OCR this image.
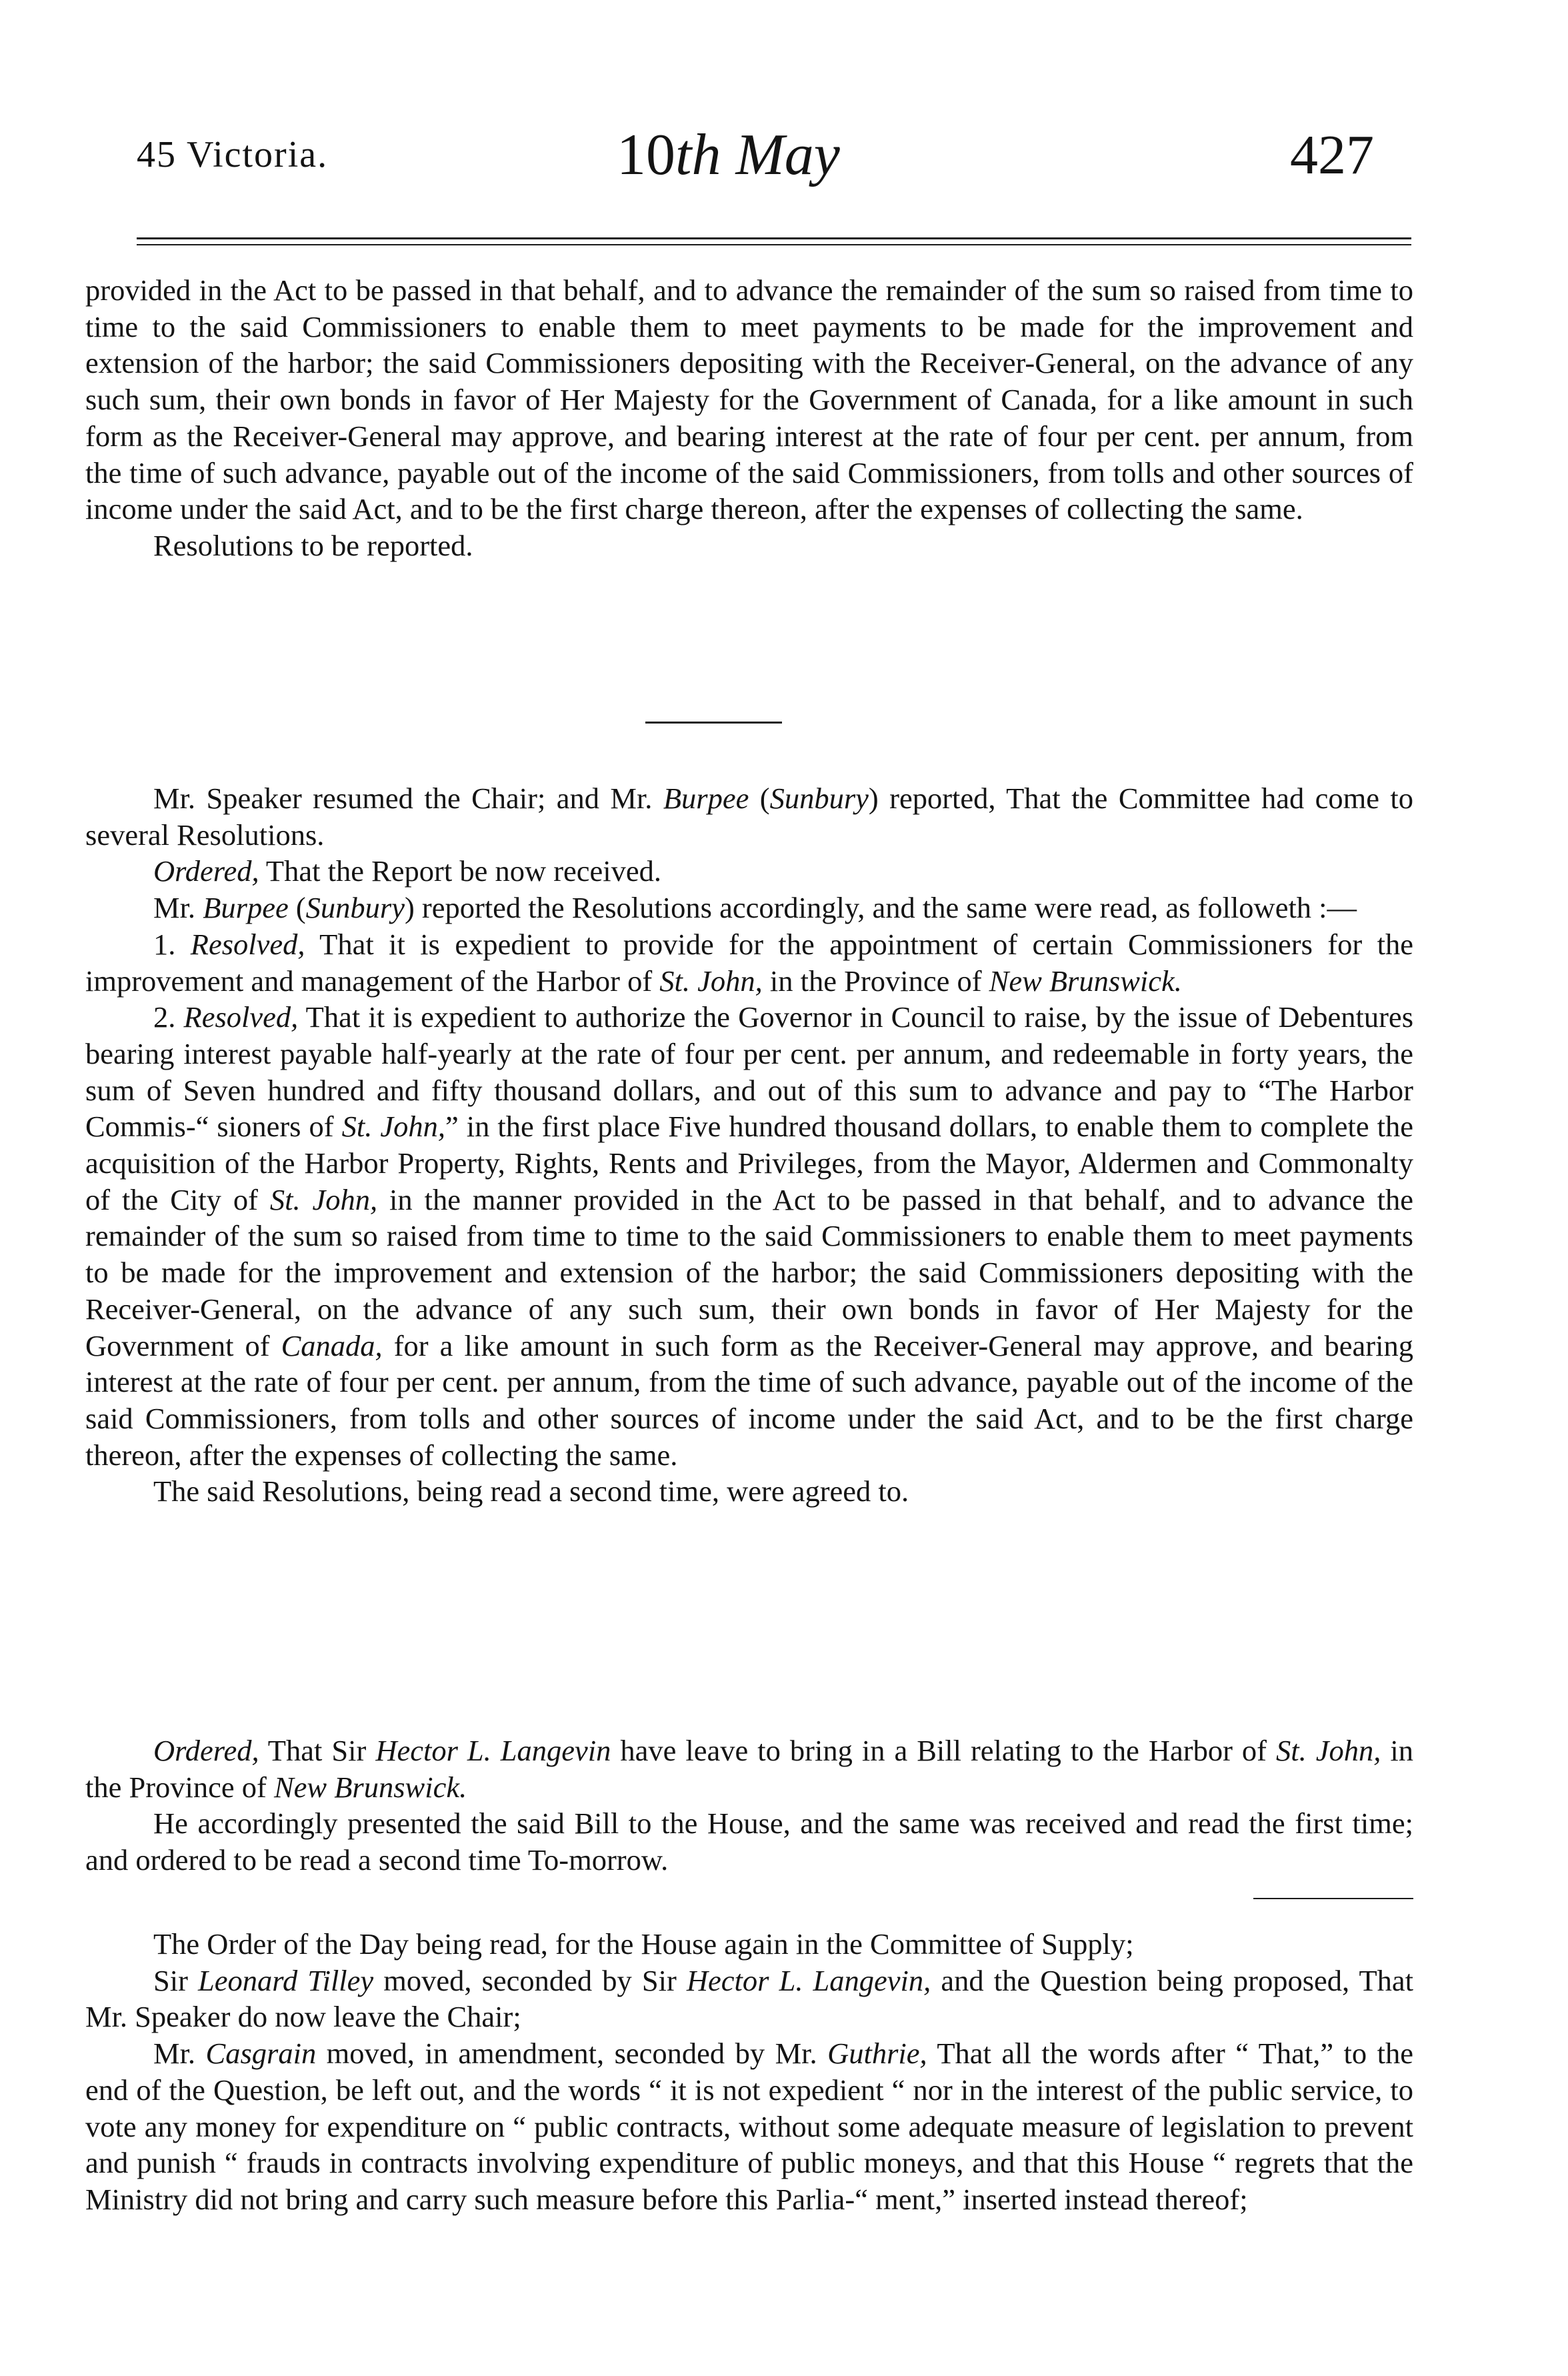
45 Victoria.	10th May	427

provided in the Act to be passed in that behalf, and to advance the remainder of the sum so raised from time to time to the said Commissioners to enable them to meet payments to be made for the improvement and extension of the harbor; the said Commissioners depositing with the Receiver-General, on the advance of any such sum, their own bonds in favor of Her Majesty for the Government of Canada, for a like amount in such form as the Receiver-General may approve, and bearing interest at the rate of four per cent. per annum, from the time of such advance, payable out of the income of the said Commissioners, from tolls and other sources of income under the said Act, and to be the first charge thereon, after the expenses of collecting the same.

Resolutions to be reported.

Mr. Speaker resumed the Chair; and Mr. Burpee (Sunbury) reported, That the Committee had come to several Resolutions.

Ordered, That the Report be now received.

Mr. Burpee (Sunbury) reported the Resolutions accordingly, and the same were read, as followeth :—

1. Resolved, That it is expedient to provide for the appointment of certain Commissioners for the improvement and management of the Harbor of St. John, in the Province of New Brunswick.

2. Resolved, That it is expedient to authorize the Governor in Council to raise, by the issue of Debentures bearing interest payable half-yearly at the rate of four per cent. per annum, and redeemable in forty years, the sum of Seven hundred and fifty thousand dollars, and out of this sum to advance and pay to “The Harbor Commis-“ sioners of St. John,” in the first place Five hundred thousand dollars, to enable them to complete the acquisition of the Harbor Property, Rights, Rents and Privileges, from the Mayor, Aldermen and Commonalty of the City of St. John, in the manner provided in the Act to be passed in that behalf, and to advance the remainder of the sum so raised from time to time to the said Commissioners to enable them to meet payments to be made for the improvement and extension of the harbor; the said Commissioners depositing with the Receiver-General, on the advance of any such sum, their own bonds in favor of Her Majesty for the Government of Canada, for a like amount in such form as the Receiver-General may approve, and bearing interest at the rate of four per cent. per annum, from the time of such advance, payable out of the income of the said Commissioners, from tolls and other sources of income under the said Act, and to be the first charge thereon, after the expenses of collecting the same.

The said Resolutions, being read a second time, were agreed to.

Ordered, That Sir Hector L. Langevin have leave to bring in a Bill relating to the Harbor of St. John, in the Province of New Brunswick.

He accordingly presented the said Bill to the House, and the same was received and read the first time; and ordered to be read a second time To-morrow.

The Order of the Day being read, for the House again in the Committee of Supply;

Sir Leonard Tilley moved, seconded by Sir Hector L. Langevin, and the Question being proposed, That Mr. Speaker do now leave the Chair;

Mr. Casgrain moved, in amendment, seconded by Mr. Guthrie, That all the words after “ That,” to the end of the Question, be left out, and the words “ it is not expedient “ nor in the interest of the public service, to vote any money for expenditure on “ public contracts, without some adequate measure of legislation to prevent and punish “ frauds in contracts involving expenditure of public moneys, and that this House “ regrets that the Ministry did not bring and carry such measure before this Parlia-“ ment,” inserted instead thereof;
